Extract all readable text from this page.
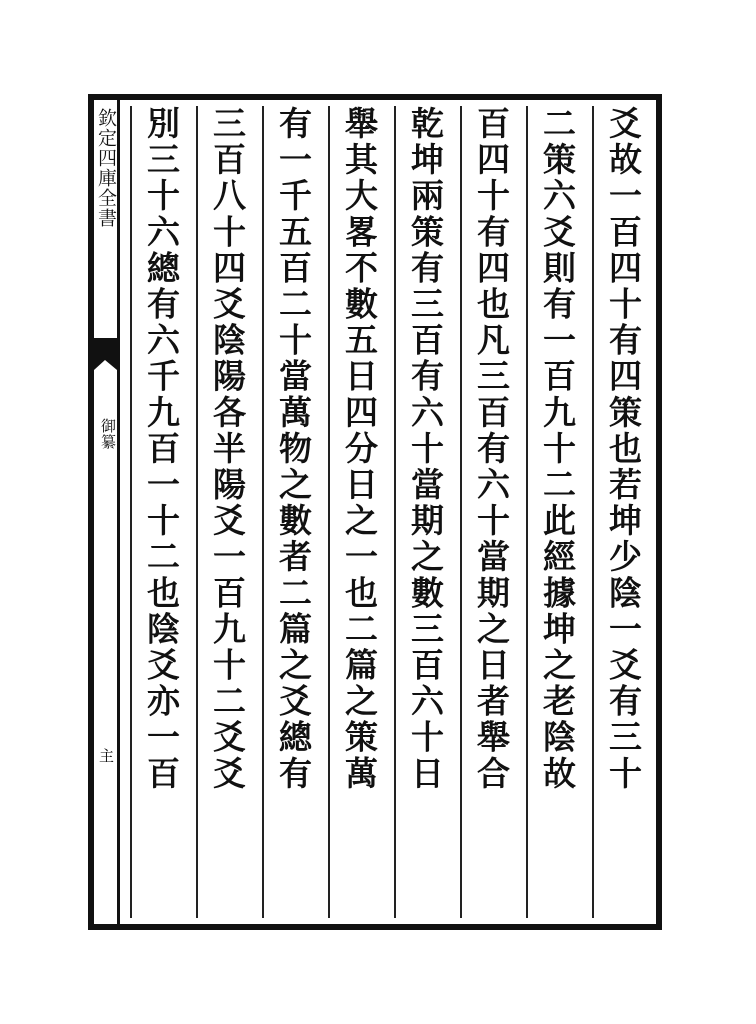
欽定四庫全書
御纂
主	爻故一百四十有四策也若坤少陰一爻有三十
二策六爻則有一百九十二此經據坤之老陰故
百四十有四也凡三百有六十當期之日者舉合
乾坤兩策有三百有六十當期之數三百六十日
舉其大畧不數五日四分日之一也二篇之策萬
有一千五百二十當萬物之數者二篇之爻總有
三百八十四爻陰陽各半陽爻一百九十二爻爻
別三十六總有六千九百一十二也陰爻亦一百
